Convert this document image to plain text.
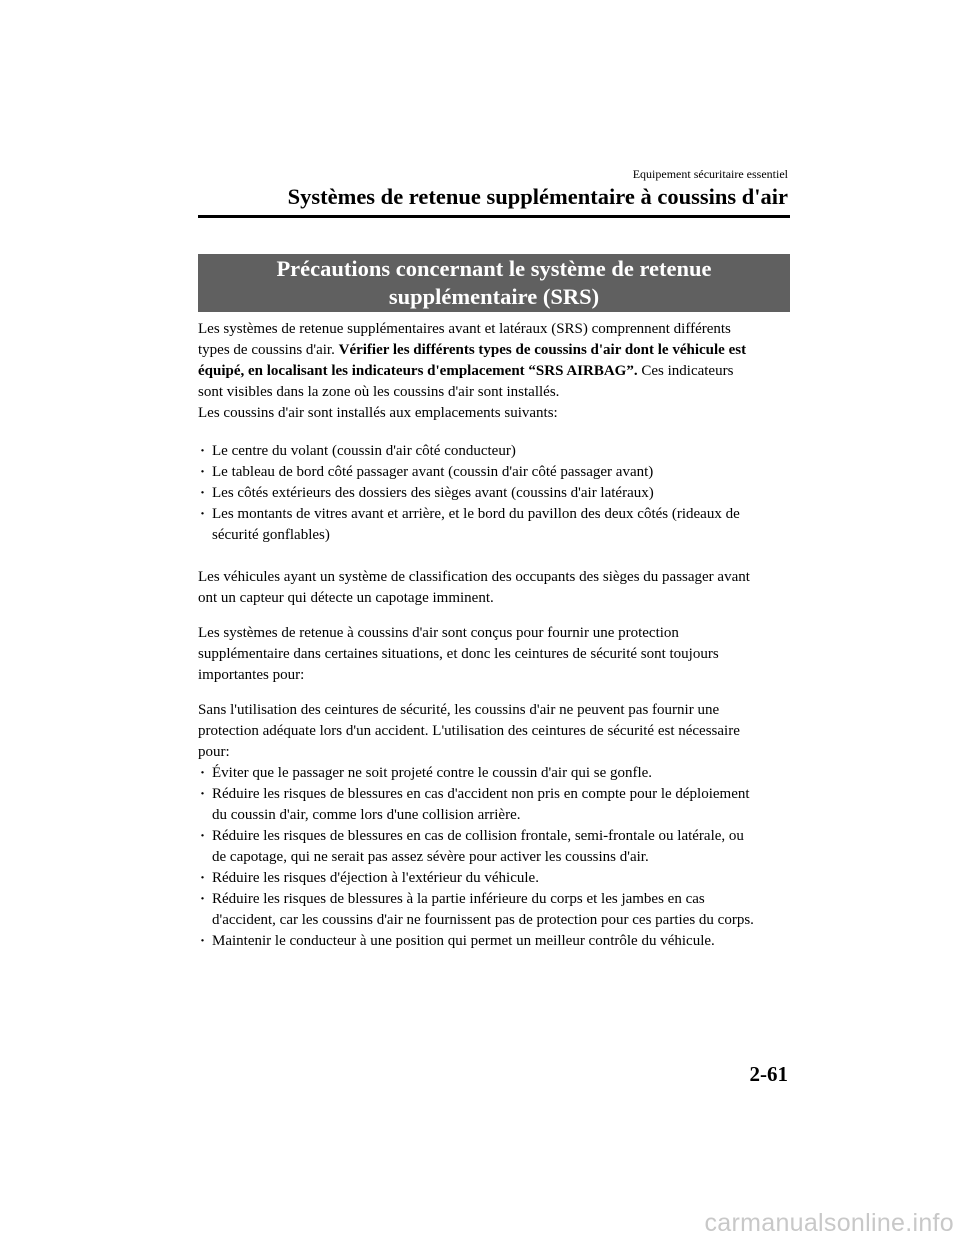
Equipement sécuritaire essentiel
Systèmes de retenue supplémentaire à coussins d'air
Précautions concernant le système de retenue
supplémentaire (SRS)

Les systèmes de retenue supplémentaires avant et latéraux (SRS) comprennent différents

types de coussins d'air. Vérifier les différents types de coussins d'air dont le véhicule est

équipé, en localisant les indicateurs d'emplacement “SRS AIRBAG”. Ces indicateurs

sont visibles dans la zone où les coussins d'air sont installés.

Les coussins d'air sont installés aux emplacements suivants:

· Le centre du volant (coussin d'air côté conducteur)
· Le tableau de bord côté passager avant (coussin d'air côté passager avant)
· Les côtés extérieurs des dossiers des sièges avant (coussins d'air latéraux)
· Les montants de vitres avant et arrière, et le bord du pavillon des deux côtés (rideaux de
sécurité gonflables)

Les véhicules ayant un système de classification des occupants des sièges du passager avant

ont un capteur qui détecte un capotage imminent.

Les systèmes de retenue à coussins d'air sont conçus pour fournir une protection

supplémentaire dans certaines situations, et donc les ceintures de sécurité sont toujours

importantes pour:

Sans l'utilisation des ceintures de sécurité, les coussins d'air ne peuvent pas fournir une

protection adéquate lors d'un accident. L'utilisation des ceintures de sécurité est nécessaire

pour:

· Éviter que le passager ne soit projeté contre le coussin d'air qui se gonfle.
· Réduire les risques de blessures en cas d'accident non pris en compte pour le déploiement
du coussin d'air, comme lors d'une collision arrière.
· Réduire les risques de blessures en cas de collision frontale, semi-frontale ou latérale, ou
de capotage, qui ne serait pas assez sévère pour activer les coussins d'air.
· Réduire les risques d'éjection à l'extérieur du véhicule.
· Réduire les risques de blessures à la partie inférieure du corps et les jambes en cas
d'accident, car les coussins d'air ne fournissent pas de protection pour ces parties du corps.
· Maintenir le conducteur à une position qui permet un meilleur contrôle du véhicule.
2-61
carmanualsonline.info
